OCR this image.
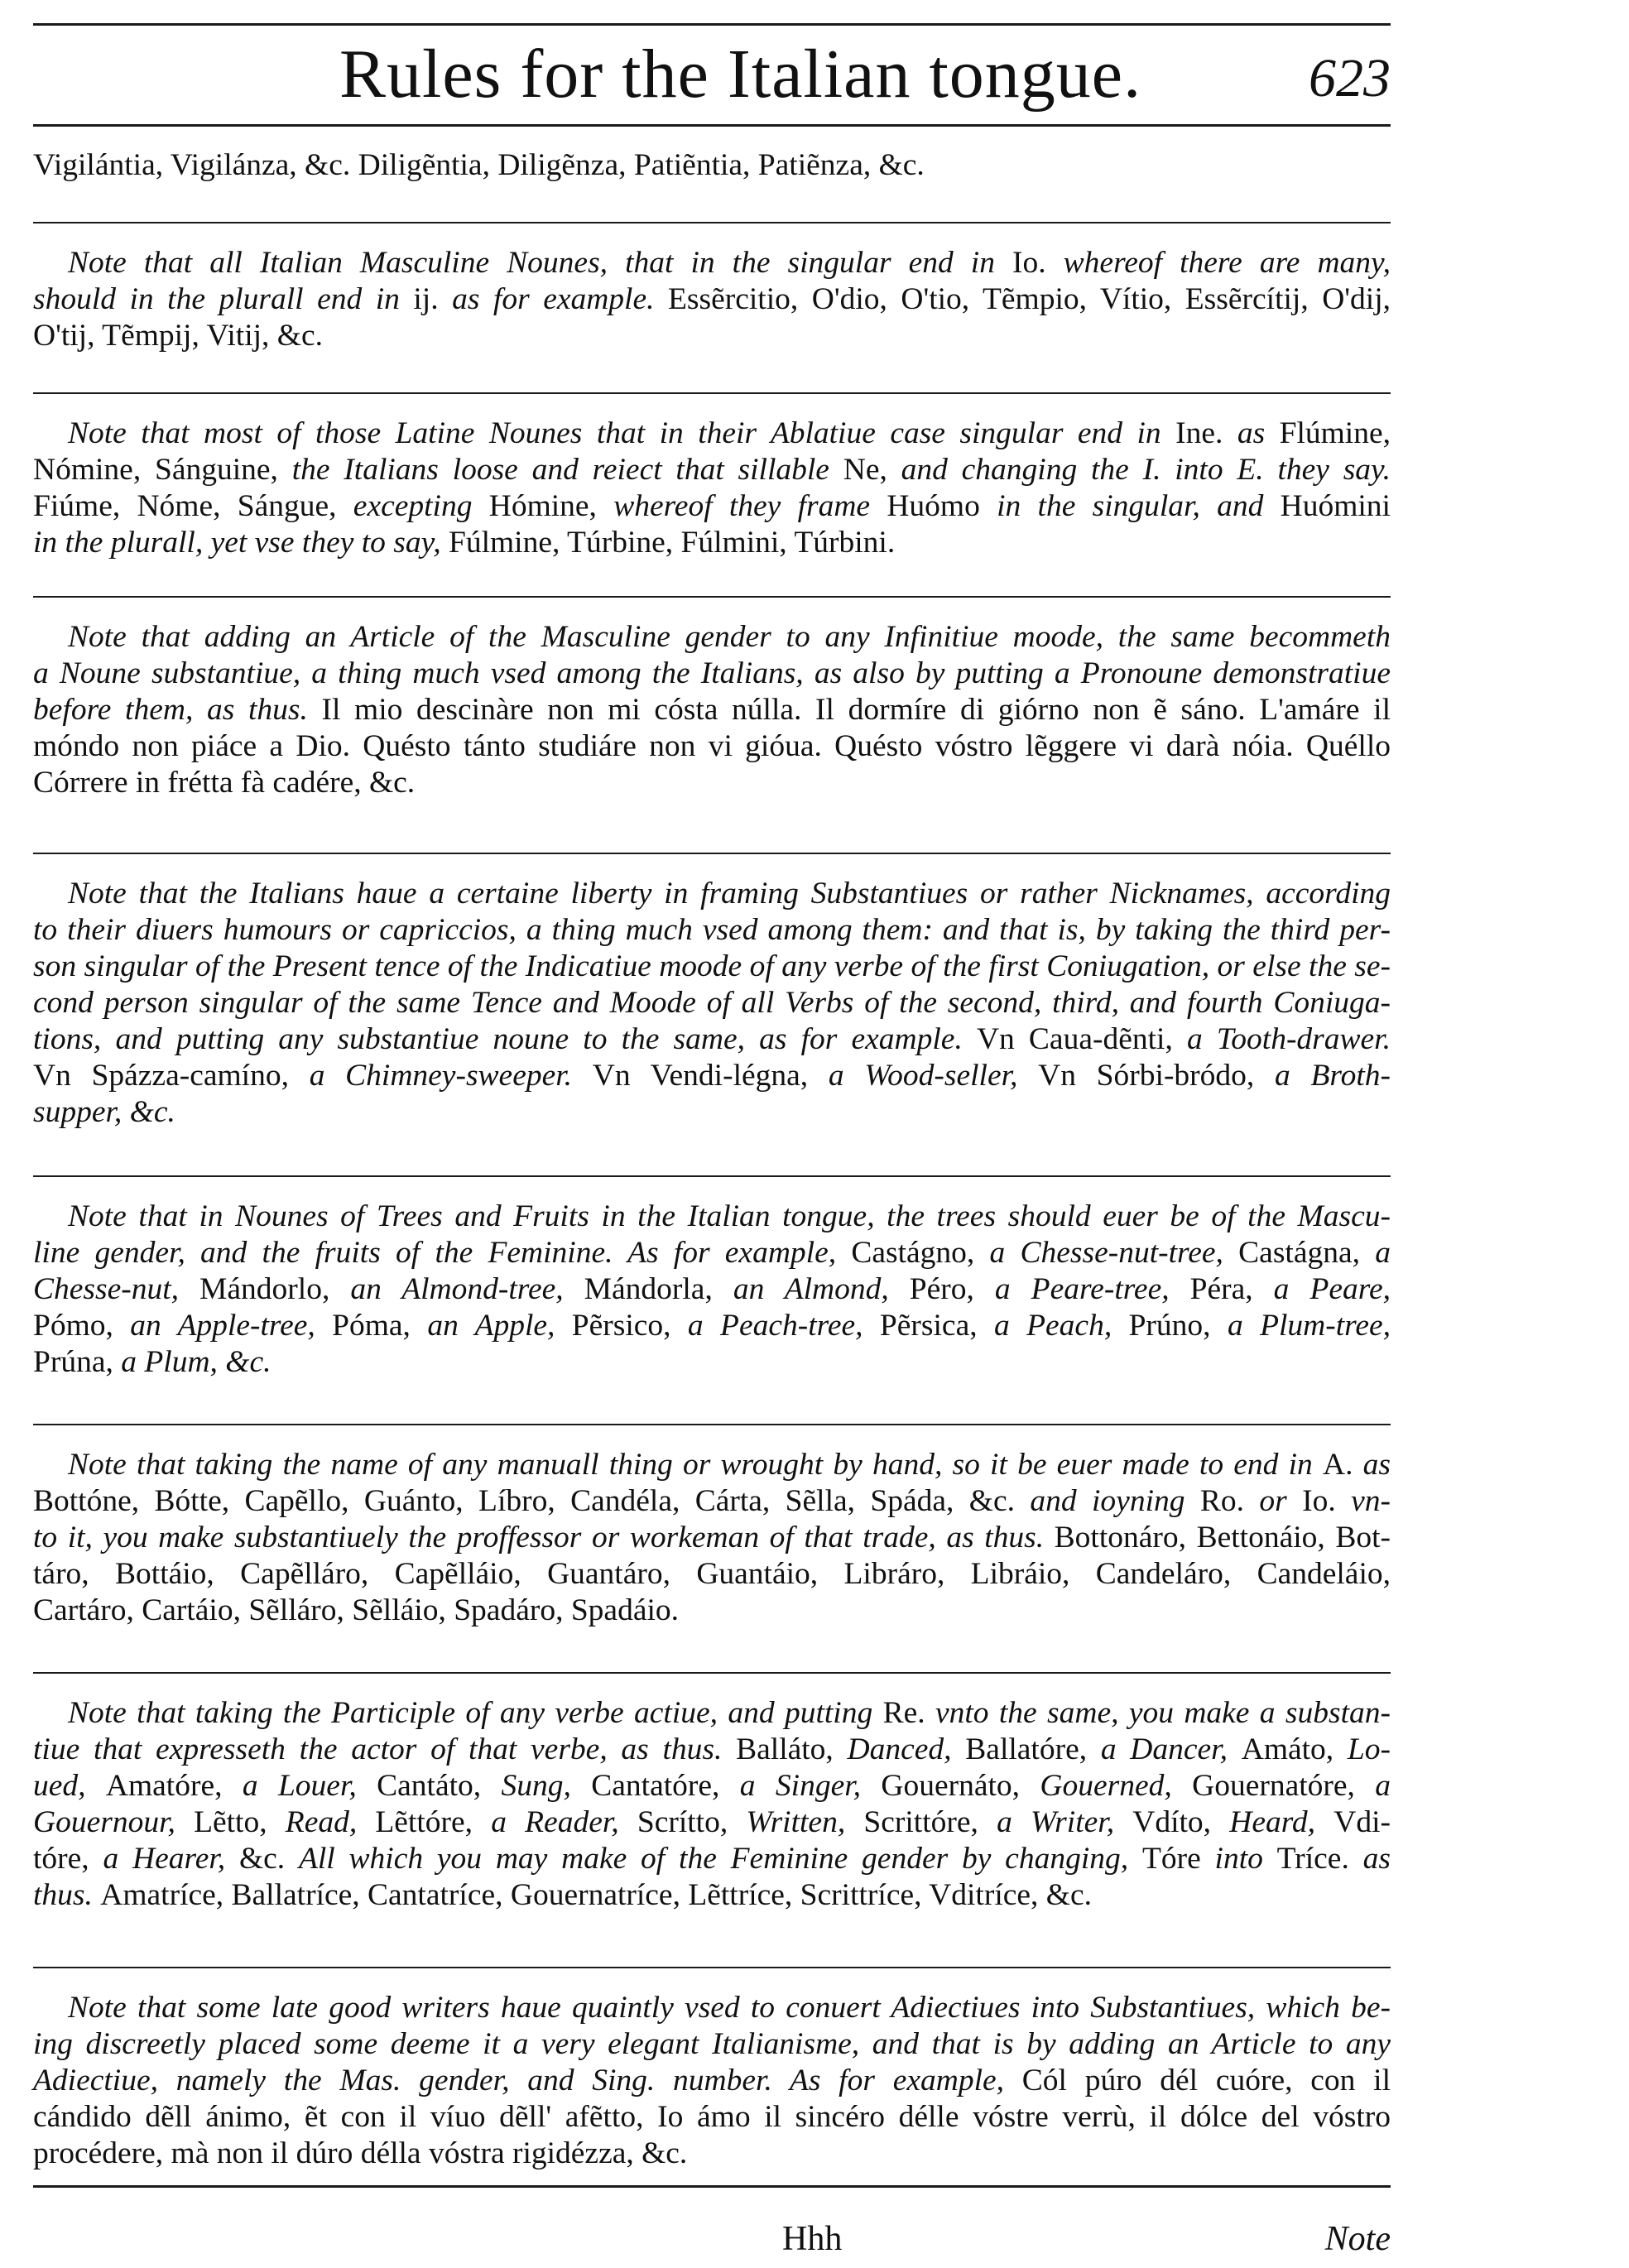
Rules for the Italian tongue.	623
Vigilántia, Vigilánza, &c. Diligẽntia, Diligẽnza, Patiẽntia, Patiẽnza, &c.
Note that all Italian Masculine Nounes, that in the singular end in Io. whereof there are many,
should in the plurall end in ij. as for example. Essẽrcitio, O'dio, O'tio, Tẽmpio, Vítio, Essẽrcítij, O'dij,
O'tij, Tẽmpij, Vitij, &c.
Note that most of those Latine Nounes that in their Ablatiue case singular end in Ine. as Flúmine,
Nómine, Sánguine, the Italians loose and reiect that sillable Ne, and changing the I. into E. they say.
Fiúme, Nóme, Sángue, excepting Hómine, whereof they frame Huómo in the singular, and Huómini
in the plurall, yet vse they to say, Fúlmine, Túrbine, Fúlmini, Túrbini.
Note that adding an Article of the Masculine gender to any Infinitiue moode, the same becommeth
a Noune substantiue, a thing much vsed among the Italians, as also by putting a Pronoune demonstratiue
before them, as thus. Il mio descinàre non mi cósta núlla. Il dormíre di giórno non ẽ sáno. L'amáre il
móndo non piáce a Dio. Quésto tánto studiáre non vi gióua. Quésto vóstro lẽggere vi darà nóia. Quéllo
Córrere in frétta fà cadére, &c.
Note that the Italians haue a certaine liberty in framing Substantiues or rather Nicknames, according
to their diuers humours or capriccios, a thing much vsed among them: and that is, by taking the third per-
son singular of the Present tence of the Indicatiue moode of any verbe of the first Coniugation, or else the se-
cond person singular of the same Tence and Moode of all Verbs of the second, third, and fourth Coniuga-
tions, and putting any substantiue noune to the same, as for example. Vn Caua-dẽnti, a Tooth-drawer.
Vn Spázza-camíno, a Chimney-sweeper. Vn Vendi-légna, a Wood-seller, Vn Sórbi-bródo, a Broth-
supper, &c.
Note that in Nounes of Trees and Fruits in the Italian tongue, the trees should euer be of the Mascu-
line gender, and the fruits of the Feminine. As for example, Castágno, a Chesse-nut-tree, Castágna, a
Chesse-nut, Mándorlo, an Almond-tree, Mándorla, an Almond, Péro, a Peare-tree, Péra, a Peare,
Pómo, an Apple-tree, Póma, an Apple, Pẽrsico, a Peach-tree, Pẽrsica, a Peach, Prúno, a Plum-tree,
Prúna, a Plum, &c.
Note that taking the name of any manuall thing or wrought by hand, so it be euer made to end in A. as
Bottóne, Bótte, Capẽllo, Guánto, Líbro, Candéla, Cárta, Sẽlla, Spáda, &c. and ioyning Ro. or Io. vn-
to it, you make substantiuely the proffessor or workeman of that trade, as thus. Bottonáro, Bettonáio, Bot-
táro, Bottáio, Capẽlláro, Capẽlláio, Guantáro, Guantáio, Libráro, Libráio, Candeláro, Candeláio,
Cartáro, Cartáio, Sẽlláro, Sẽlláio, Spadáro, Spadáio.
Note that taking the Participle of any verbe actiue, and putting Re. vnto the same, you make a substan-
tiue that expresseth the actor of that verbe, as thus. Balláto, Danced, Ballatóre, a Dancer, Amáto, Lo-
ued, Amatóre, a Louer, Cantáto, Sung, Cantatóre, a Singer, Gouernáto, Gouerned, Gouernatóre, a
Gouernour, Lẽtto, Read, Lẽttóre, a Reader, Scrítto, Written, Scrittóre, a Writer, Vdíto, Heard, Vdi-
tóre, a Hearer, &c. All which you may make of the Feminine gender by changing, Tóre into Tríce. as
thus. Amatríce, Ballatríce, Cantatríce, Gouernatríce, Lẽttríce, Scrittríce, Vditríce, &c.
Note that some late good writers haue quaintly vsed to conuert Adiectiues into Substantiues, which be-
ing discreetly placed some deeme it a very elegant Italianisme, and that is by adding an Article to any
Adiectiue, namely the Mas. gender, and Sing. number. As for example, Cól púro dél cuóre, con il
cándido dẽll ánimo, ẽt con il víuo dẽll' afẽtto, Io ámo il sincéro délle vóstre verrù, il dólce del vóstro
procédere, mà non il dúro délla vóstra rigidézza, &c.
Hhh	Note
